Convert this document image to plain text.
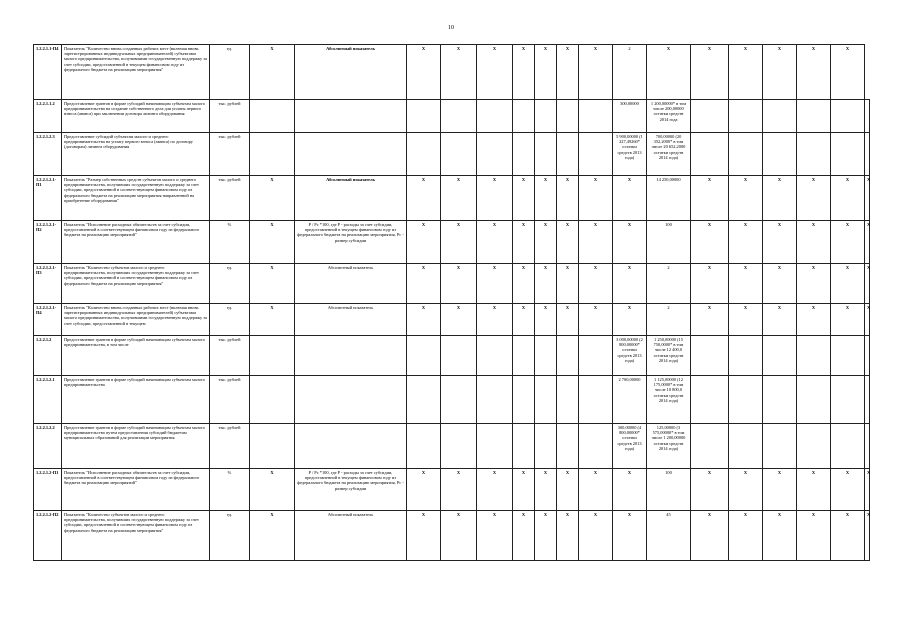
10
1.2.2.1.1-П4	Показатель "Количество вновь созданных рабочих мест (включая вновь зарегистрированных индивидуальных предпринимателей) субъектами малого предпринимательства, получившими государственную поддержку за счет субсидии, предоставленной в текущем финансовом году из федерального бюджета на реализацию мероприятия"	ед.	X	Абсолютный показатель	X	X	X	X	X	X	X	2	X	X	X	X	X	X	
1.2.2.1.1.2	Предоставление грантов в форме субсидий начинающим субъектам малого предпринимательства на создание собственного дела для уплаты первого взноса (аванса) при заключении договора лизинга оборудования	тыс. рублей										300,00000	1 200,00000* в том числе 200,00000 остатки средств 2014 года						
1.2.2.1.2.3	Предоставление субсидий субъектам малого и среднего предпринимательства на уплату первого взноса (аванса) по договору (договорам) лизинга оборудования	тыс. рублей										5 900,00000 (1 227,49260* остатки средств 2013 года)	700,00000 (20 352,2000* в том числе 20 652,2000 остатки средств 2014 года)						
1.2.2.1.2.1-П1	Показатель "Размер собственных средств субъектов малого и среднего предпринимательства, получивших государственную поддержку за счет субсидии, предоставленной в соответствующем финансовом году из федерального бюджета на реализацию мероприятия направленной на приобретение оборудования"	тыс. рублей	X	Абсолютный показатель	X	X	X	X	X	X	X	X	14 250,00000	X	X	X	X	X	X
1.2.2.1.2.1-П2	Показатель "Исполнение расходных обязательств за счет субсидии, предоставленной в соответствующем финансовом году из федерального бюджета на реализацию мероприятий"	%	X	P / Pc *100, где P - расходы за счет субсидии, предоставленной в текущем финансовом году из федерального бюджета на реализацию мероприятия, Pc - размер субсидии	X	X	X	X	X	X	X	X	100	X	X	X	X	X	X
1.2.2.1.2.1-П3	Показатель "Количество субъектов малого и среднего предпринимательства, получивших государственную поддержку за счет субсидии, предоставленной в соответствующем финансовом году из федерального бюджета на реализацию мероприятия"	ед.	X	Абсолютный показатель	X	X	X	X	X	X	X	X	2	X	X	X	X	X	X
1.2.2.1.2.1-П4	Показатель "Количество вновь созданных рабочих мест (включая вновь зарегистрированных индивидуальных предпринимателей) субъектами малого предпринимательства, получившими государственную поддержку за счет субсидии, предоставленной в текущем	ед.	X	Абсолютный показатель	X	X	X	X	X	X	X	X	2	X	X	X	X	X	X
1.2.2.1.2	Предоставление грантов в форме субсидий начинающим субъектам малого предпринимательства, в том числе	тыс. рублей										3 000,00000 (2 800,00000* остатки средств 2013 года)	1 250,00000 (15 750,0000* в том числе 12 400,0 остатки средств 2014 года)						
1.2.2.1.2.1	Предоставление грантов в форме субсидий начинающим субъектам малого предпринимательства	тыс. рублей										2 700,00000	1 125,00000 (12 175,0000* в том числе 10 800,0 остатки средств 2014 года)						
1.2.2.1.2.2	Предоставление грантов в форме субсидий начинающим субъектам малого предпринимательства путем предоставления субсидий бюджетам муниципальных образований для реализации мероприятия	тыс. рублей										300,00000 (4 800,00000* остатки средств 2013 года)	125,00000 (3 575,00000* в том числе 1 200,00000 остатки средств 2014 года)						
1.2.2.1.2-П1	Показатель "Исполнение расходных обязательств за счет субсидии, предоставленной в соответствующем финансовом году из федерального бюджета на реализацию мероприятий"	%	X	P / Pc *100, где P - расходы за счет субсидии, предоставленной в текущем финансовом году из федерального бюджета на реализацию мероприятия, Pc - размер субсидии	X	X	X	X	X	X	X	X	100	X	X	X	X	X	X
1.2.2.1.2-П2	Показатель "Количество субъектов малого и среднего предпринимательства, получивших государственную поддержку за счет субсидии, предоставленной в соответствующем финансовом году из федерального бюджета на реализацию мероприятия"	ед.	X	Абсолютный показатель	X	X	X	X	X	X	X	X	45	X	X	X	X	X	X
